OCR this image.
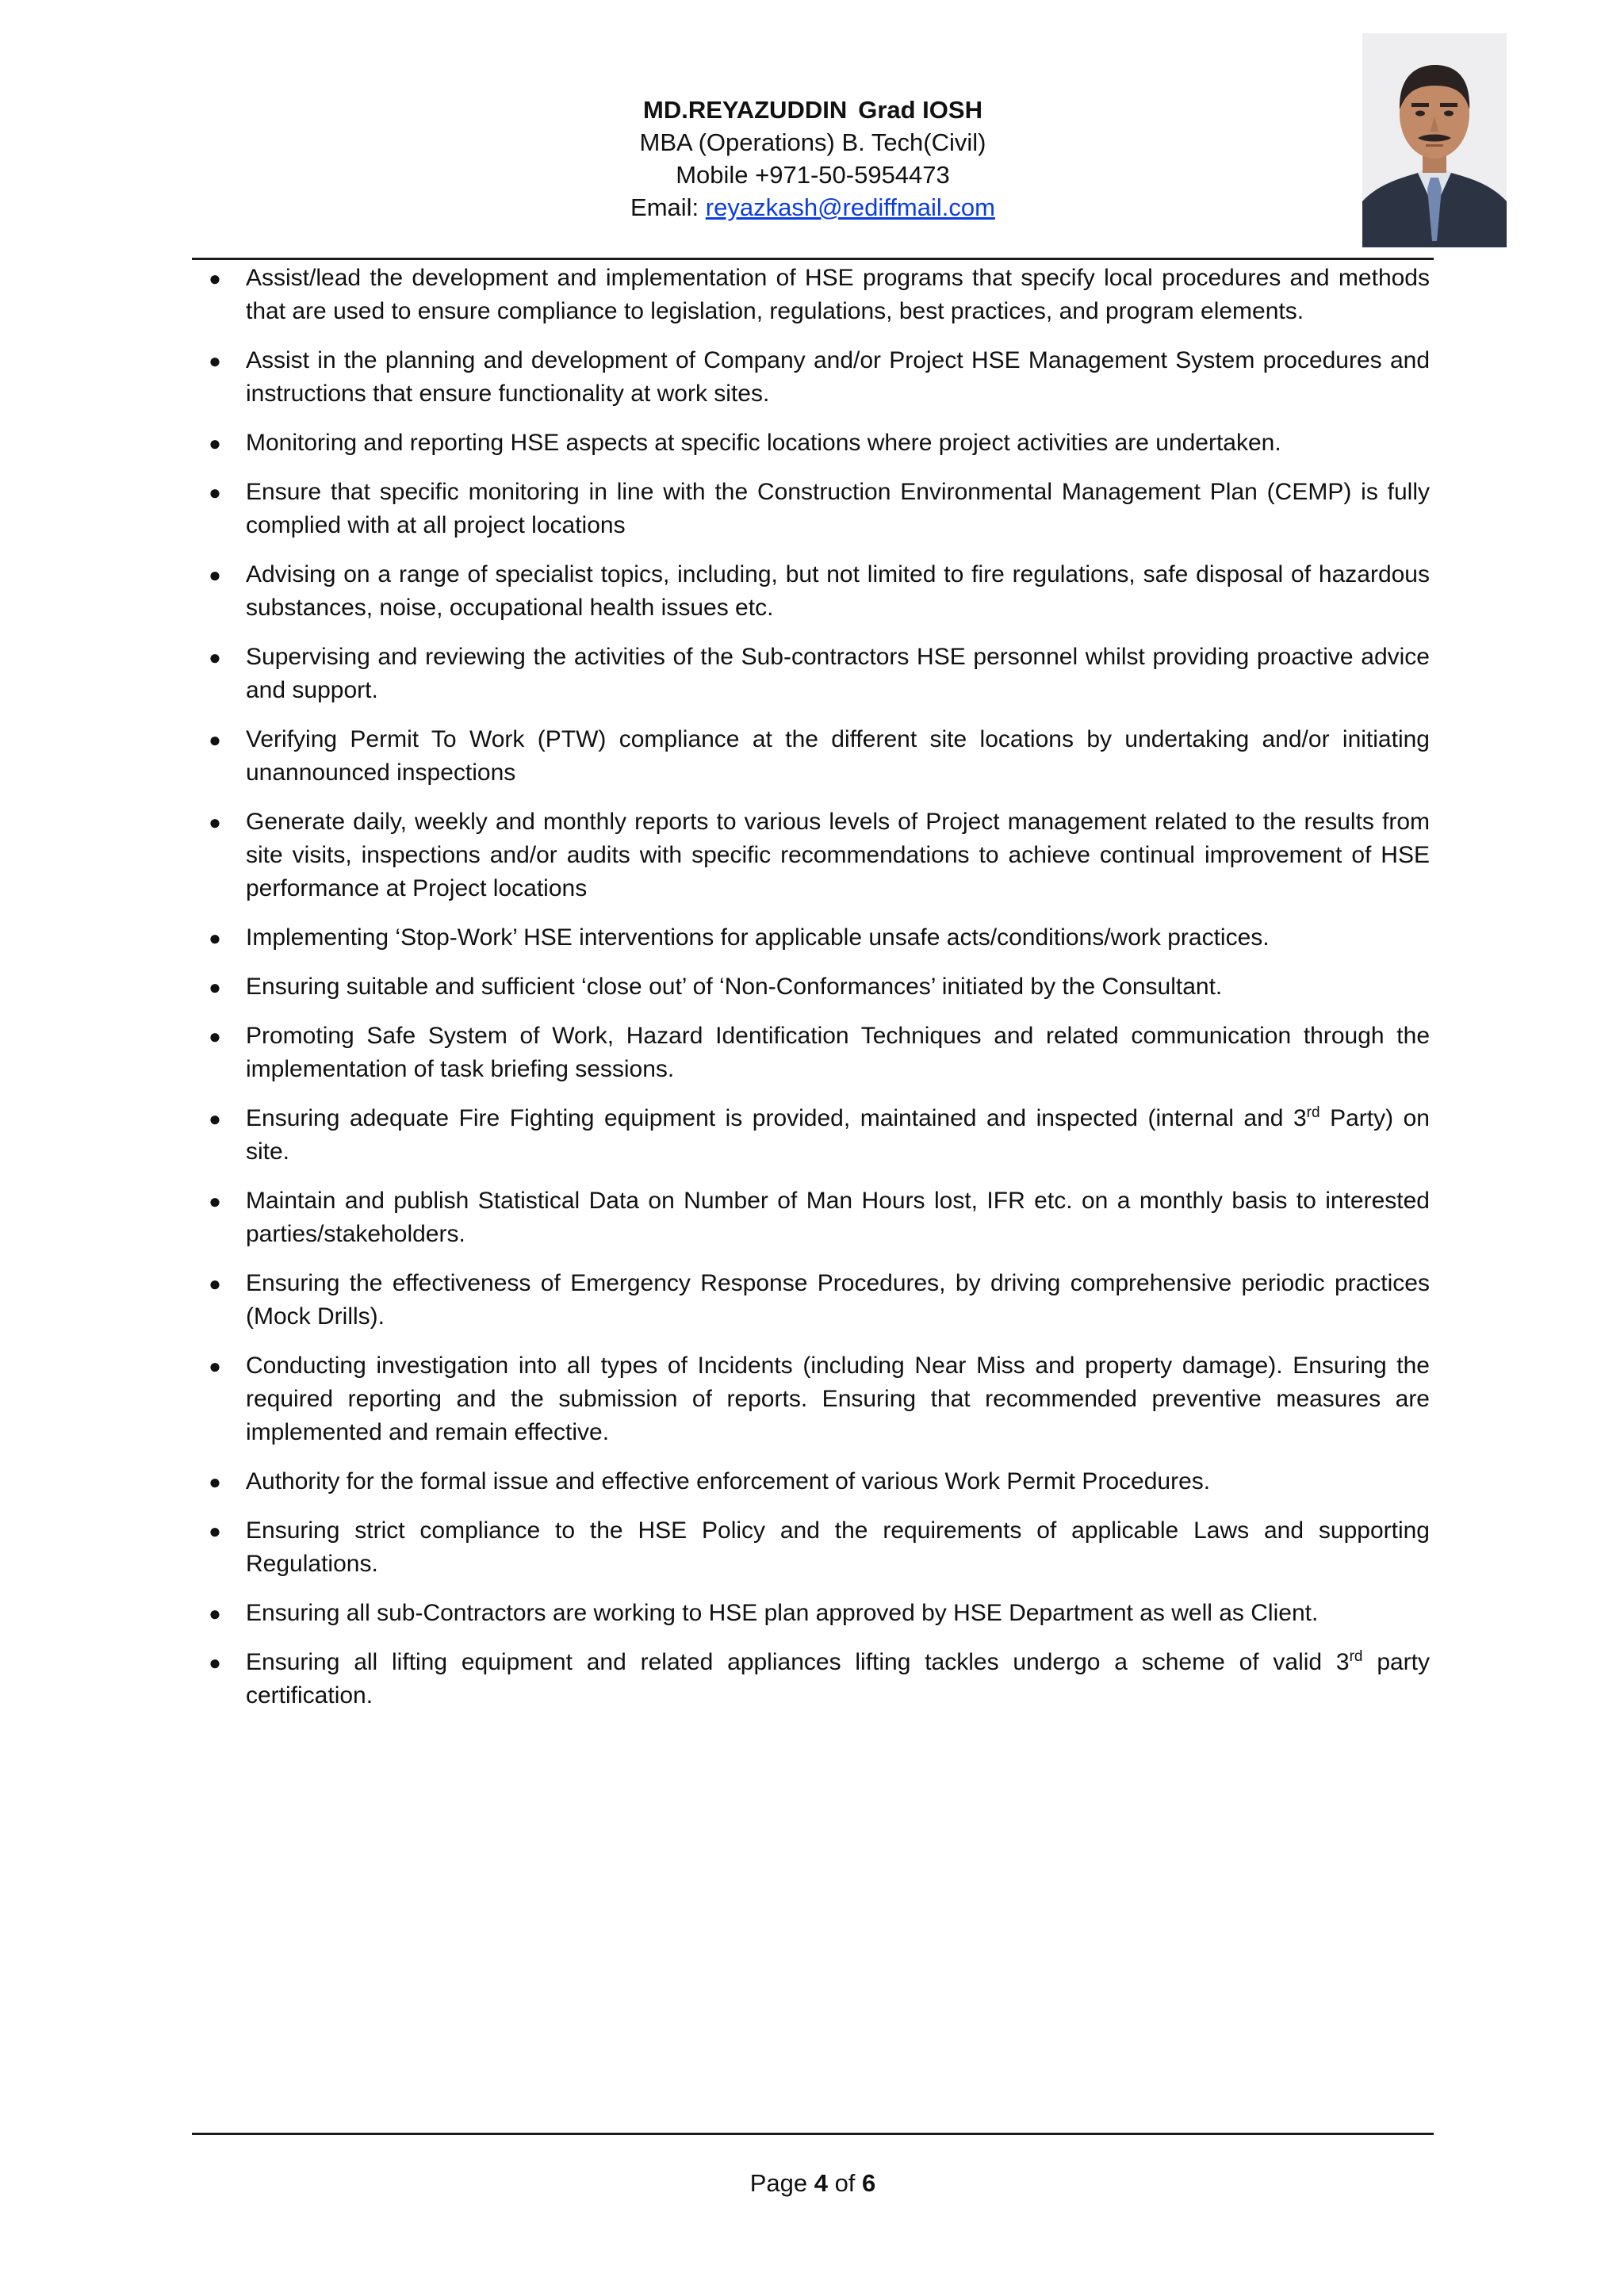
MD.REYAZUDDIN Grad IOSH
MBA (Operations) B. Tech(Civil)
Mobile +971-50-5954473
Email: reyazkash@rediffmail.com
● Assist/lead the development and implementation of HSE programs that specify local procedures and methods that are used to ensure compliance to legislation, regulations, best practices, and program elements.
● Assist in the planning and development of Company and/or Project HSE Management System procedures and instructions that ensure functionality at work sites.
● Monitoring and reporting HSE aspects at specific locations where project activities are undertaken.
● Ensure that specific monitoring in line with the Construction Environmental Management Plan (CEMP) is fully complied with at all project locations
● Advising on a range of specialist topics, including, but not limited to fire regulations, safe disposal of hazardous substances, noise, occupational health issues etc.
● Supervising and reviewing the activities of the Sub-contractors HSE personnel whilst providing proactive advice and support.
● Verifying Permit To Work (PTW) compliance at the different site locations by undertaking and/or initiating unannounced inspections
● Generate daily, weekly and monthly reports to various levels of Project management related to the results from site visits, inspections and/or audits with specific recommendations to achieve continual improvement of HSE performance at Project locations
● Implementing ‘Stop-Work’ HSE interventions for applicable unsafe acts/conditions/work practices.
● Ensuring suitable and sufficient ‘close out’ of ‘Non-Conformances’ initiated by the Consultant.
● Promoting Safe System of Work, Hazard Identification Techniques and related communication through the implementation of task briefing sessions.
● Ensuring adequate Fire Fighting equipment is provided, maintained and inspected (internal and 3rd Party) on site.
● Maintain and publish Statistical Data on Number of Man Hours lost, IFR etc. on a monthly basis to interested parties/stakeholders.
● Ensuring the effectiveness of Emergency Response Procedures, by driving comprehensive periodic practices (Mock Drills).
● Conducting investigation into all types of Incidents (including Near Miss and property damage). Ensuring the required reporting and the submission of reports. Ensuring that recommended preventive measures are implemented and remain effective.
● Authority for the formal issue and effective enforcement of various Work Permit Procedures.
● Ensuring strict compliance to the HSE Policy and the requirements of applicable Laws and supporting Regulations.
● Ensuring all sub-Contractors are working to HSE plan approved by HSE Department as well as Client.
● Ensuring all lifting equipment and related appliances lifting tackles undergo a scheme of valid 3rd party certification.
Page 4 of 6
